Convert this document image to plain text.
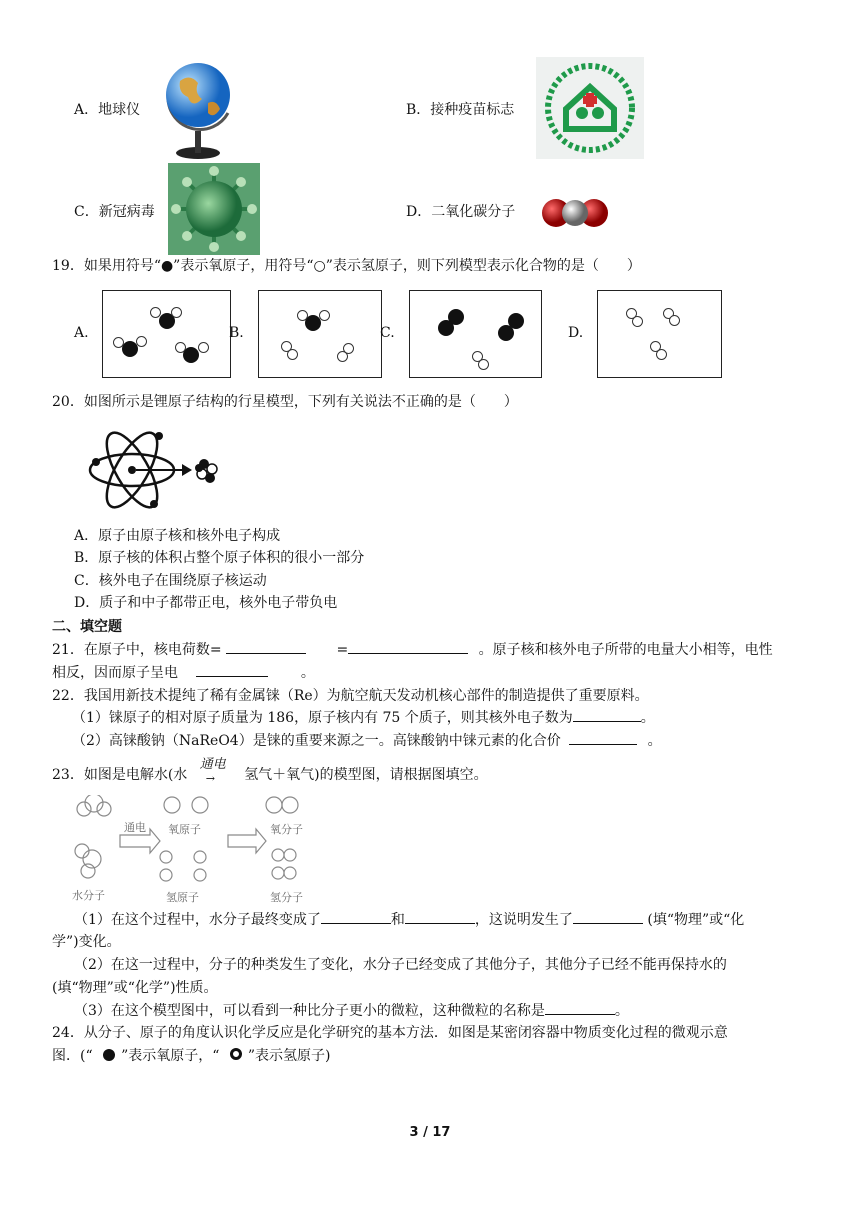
A．地球仪	B．接种疫苗标志
C．新冠病毒	D．二氧化碳分子
19．如果用符号“●”表示氧原子，用符号“○”表示氢原子，则下列模型表示化合物的是（　　）
A.	B.	C.	D.
20．如图所示是锂原子结构的行星模型，下列有关说法不正确的是（　　）
A．原子由原子核和核外电子构成
B．原子核的体积占整个原子体积的很小一部分
C．核外电子在围绕原子核运动
D．质子和中子都带正电，核外电子带负电
二、填空题
21．在原子中，核电荷数=	=	。原子核和核外电子所带的电量大小相等，电性
相反，因而原子呈电	。
22．我国用新技术提纯了稀有金属铼（Re）为航空航天发动机核心部件的制造提供了重要原料。
（1）铼原子的相对原子质量为 186，原子核内有 75 个质子，则其核外电子数为	。
（2）高铼酸钠（NaReO4）是铼的重要来源之一。高铼酸钠中铼元素的化合价	。
23．如图是电解水(水
通电
→ 氢气＋氧气)的模型图，请根据图填空。
通电 氧原子	氧分子
水分子	氢原子	氢分子
（1）在这个过程中，水分子最终变成了	和	，这说明发生了	(填“物理”或“化
学”)变化。
（2）在这一过程中，分子的种类发生了变化，水分子已经变成了其他分子，其他分子已经不能再保持水的
(填“物理”或“化学”)性质。
（3）在这个模型图中，可以看到一种比分子更小的微粒，这种微粒的名称是	。
24．从分子、原子的角度认识化学反应是化学研究的基本方法．如图是某密闭容器中物质变化过程的微观示意
图．(“ ”表示氧原子，“ ”表示氢原子)
3 / 17
